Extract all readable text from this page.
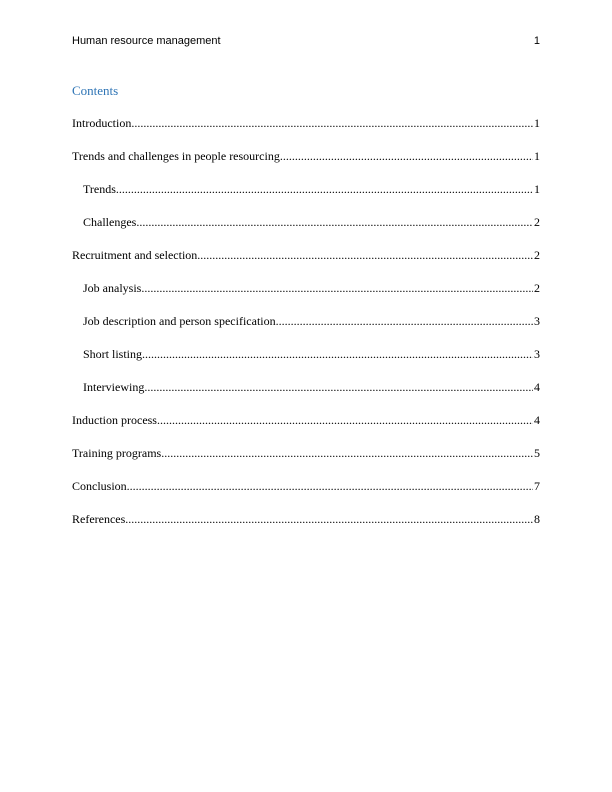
Human resource management	1
Contents
Introduction .....	1
Trends and challenges in people resourcing .....	1
Trends .....	1
Challenges .....	2
Recruitment and selection .....	2
Job analysis .....	2
Job description and person specification .....	3
Short listing .....	3
Interviewing .....	4
Induction process .....	4
Training programs .....	5
Conclusion .....	7
References .....	8
